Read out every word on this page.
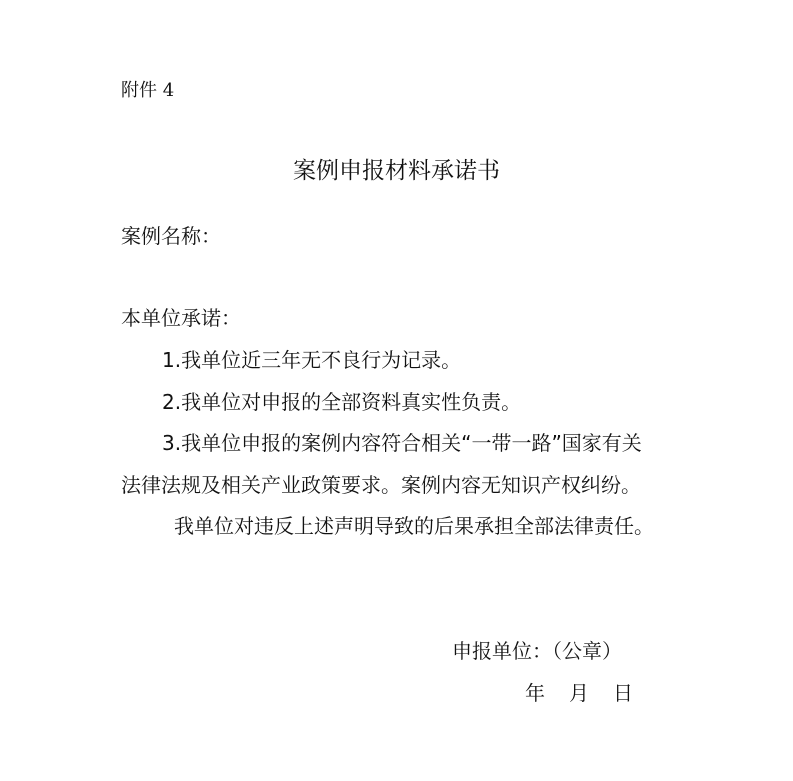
附件 4
案例申报材料承诺书
案例名称：
本单位承诺：
1.我单位近三年无不良行为记录。
2.我单位对申报的全部资料真实性负责。
3.我单位申报的案例内容符合相关“一带一路”国家有关
法律法规及相关产业政策要求。案例内容无知识产权纠纷。
我单位对违反上述声明导致的后果承担全部法律责任。
申报单位：（公章）
年 月 日
